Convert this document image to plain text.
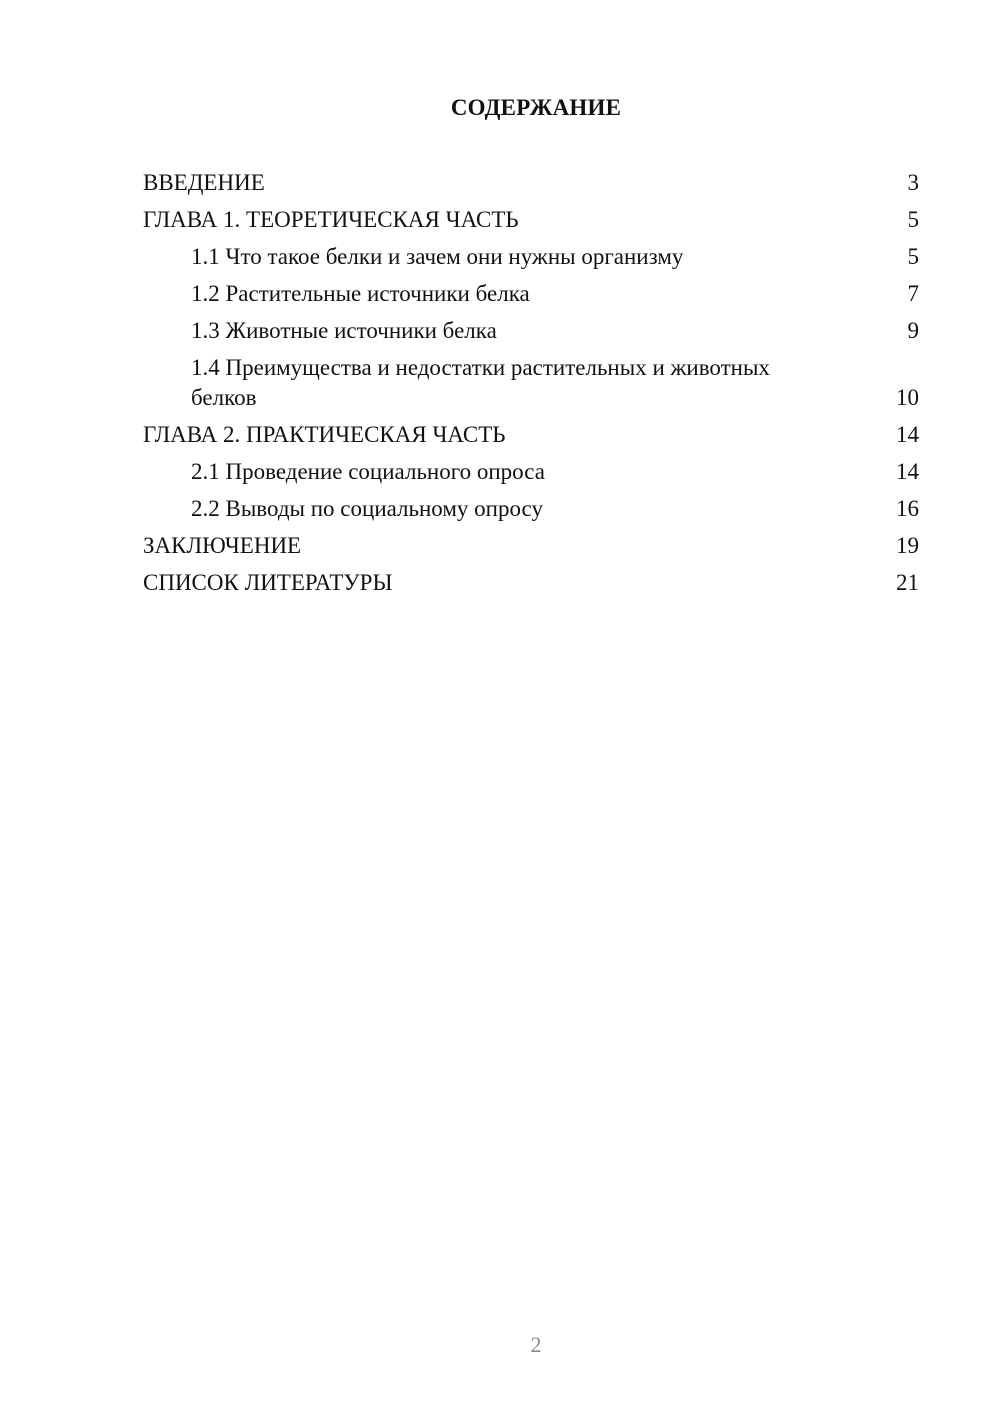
СОДЕРЖАНИЕ
ВВЕДЕНИЕ	3
ГЛАВА 1. ТЕОРЕТИЧЕСКАЯ ЧАСТЬ	5
1.1 Что такое белки и зачем они нужны организму	5
1.2 Растительные источники белка	7
1.3 Животные источники белка	9
1.4 Преимущества и недостатки растительных и животных белков	10
ГЛАВА 2. ПРАКТИЧЕСКАЯ ЧАСТЬ	14
2.1 Проведение социального опроса	14
2.2 Выводы по социальному опросу	16
ЗАКЛЮЧЕНИЕ	19
СПИСОК ЛИТЕРАТУРЫ	21
2
